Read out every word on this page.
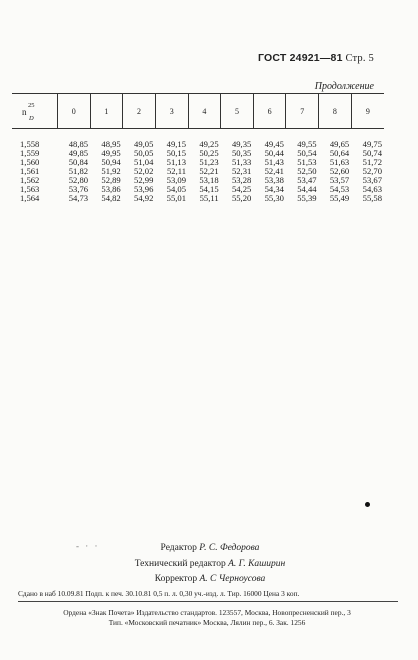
ГОСТ 24921—81 Стр. 5
Продолжение
n
25
D	0	1	2	3	4	5	6	7	8	9
1,558	48,85	48,95	49,05	49,15	49,25	49,35	49,45	49,55	49,65	49,75
1,559	49,85	49,95	50,05	50,15	50,25	50,35	50,44	50,54	50,64	50,74
1,560	50,84	50,94	51,04	51,13	51,23	51,33	51,43	51,53	51,63	51,72
1,561	51,82	51,92	52,02	52,11	52,21	52,31	52,41	52,50	52,60	52,70
1,562	52,80	52,89	52,99	53,09	53,18	53,28	53,38	53,47	53,57	53,67
1,563	53,76	53,86	53,96	54,05	54,15	54,25	54,34	54,44	54,53	54,63
1,564	54,73	54,82	54,92	55,01	55,11	55,20	55,30	55,39	55,49	55,58
- · ·	Редактор Р. С. Федорова
Технический редактор А. Г. Каширин
Корректор А. С Черноусова
Сдано в наб 10.09.81 Подп. к печ. 30.10.81 0,5 п. л. 0,30 уч.-изд. л. Тир. 16000 Цена 3 коп.
Ордена «Знак Почета» Издательство стандартов. 123557, Москва, Новопресненский пер., 3
Тип. «Московский печатник» Москва, Лялин пер., 6. Зак. 1256
